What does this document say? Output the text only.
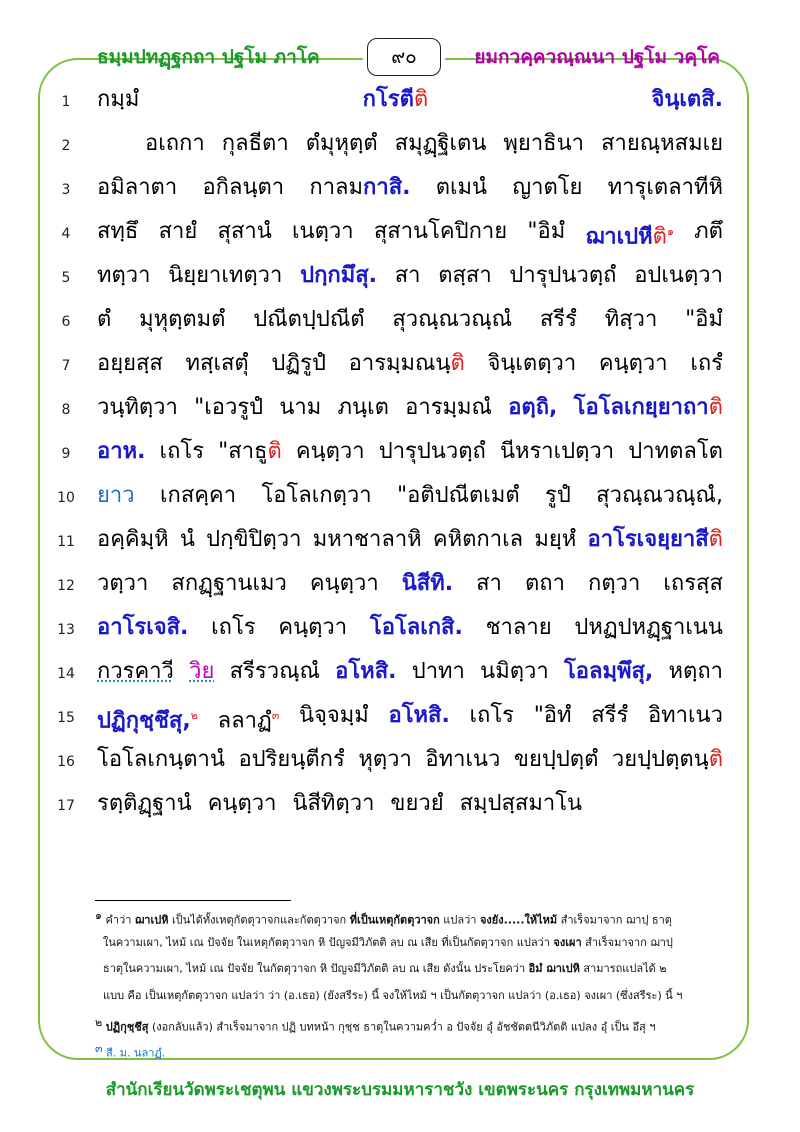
ธมฺมปทฏฺฐกถา ปฐโม ภาโค	๙๐	ยมกวคฺควณฺณนา ปฐโม วคฺโค
1	กมฺมํ	กโรตีติ	จินฺเตสิ.
2	อเถกา กุลธีตา ตํมุหุตฺตํ สมุฏฺฐิเตน พฺยาธินา สายณฺหสมเย
3	อมิลาตา อกิลนฺตา กาลมกาสิ. ตเมนํ ญาตโย ทารุเตลาทีหิ
4	สทฺธึ สายํ สุสานํ เนตฺวา สุสานโคปิกาย "อิมํ ฌาเปหีติ$^๑$ ภตึ
5	ทตฺวา นิยฺยาเทตฺวา ปกฺกมึสุ. สา ตสฺสา ปารุปนวตฺถํ อปเนตฺวา
6	ตํ มุหุตฺตมตํ ปณีตปฺปณีตํ สุวณฺณวณฺณํ สรีรํ ทิสฺวา "อิมํ
7	อยฺยสฺส ทสฺเสตุํ ปฏิรูปํ อารมฺมณนฺติ จินฺเตตฺวา คนฺตฺวา เถรํ
8	วนฺทิตฺวา "เอวรูปํ นาม ภนฺเต อารมฺมณํ อตฺถิ, โอโลเกยฺยาถาติ
9	อาห. เถโร "สาธูติ คนฺตฺวา ปารุปนวตฺถํ นีหราเปตฺวา ปาทตลโต
10	ยาว เกสคฺคา โอโลเกตฺวา "อติปณีตเมตํ รูปํ สุวณฺณวณฺณํ,
11	อคฺคิมฺหิ นํ ปกฺขิปิตฺวา มหาชาลาหิ คหิตกาเล มยฺหํ อาโรเจยฺยาสีติ
12	วตฺวา สกฏฺฐานเมว คนฺตฺวา นิสีทิ. สา ตถา กตฺวา เถรสฺส
13	อาโรเจสิ. เถโร คนฺตฺวา โอโลเกสิ. ชาลาย ปหฏปหฏฺฐาเนน
14	กวรคาวี วิย สรีรวณฺณํ อโหสิ. ปาทา นมิตฺวา โอลมฺพึสุ, หตฺถา
15	ปฏิกุชฺชึสุ,$^๒$ ลลาฏํ$^๓$ นิจฺจมฺมํ อโหสิ. เถโร "อิทํ สรีรํ อิทาเนว
16	โอโลเกนฺตานํ อปริยนฺตีกรํ หุตฺวา อิทาเนว ขยปฺปตฺตํ วยปฺปตฺตนฺติ
17	รตฺติฏฺฐานํ คนฺตฺวา นิสีทิตฺวา ขยวยํ สมฺปสฺสมาโน
$^๑$ คำว่า ฌาเปหิ เป็นได้ทั้งเหตุกัตตุวาจกและกัตตุวาจก ที่เป็นเหตุกัตตุวาจก แปลว่า จงยัง.....ให้ไหม้ สำเร็จมาจาก ฌาปฺ ธาตุ
ในความเผา, ไหม้ เณ ปัจจัย ในเหตุกัตตุวาจก หิ ปัญจมีวิภัตติ ลบ ณ เสีย ที่เป็นกัตตุวาจก แปลว่า จงเผา สำเร็จมาจาก ฌาปฺ
ธาตุในความเผา, ไหม้ เณ ปัจจัย ในกัตตุวาจก หิ ปัญจมีวิภัตติ ลบ ณ เสีย ดังนั้น ประโยคว่า อิมํ ฌาเปหิ สามารถแปลได้ ๒
แบบ คือ เป็นเหตุกัตตุวาจก แปลว่า ว่า (อ.เธอ) (ยังสรีระ) นี้ จงให้ไหม้ ฯ เป็นกัตตุวาจก แปลว่า (อ.เธอ) จงเผา (ซึ่งสรีระ) นี้ ฯ
$^๒$ ปฏิกุชฺชึสุ (งอกลับแล้ว) สำเร็จมาจาก ปฏิ บทหน้า กุชฺช ธาตุในความคว่ำ อ ปัจจัย อุํ อัชชัตตนีวิภัตติ แปลง อุํ เป็น อึสุ ฯ
$^๓$ สี. ม. นลาฏํ.
สำนักเรียนวัดพระเชตุพน แขวงพระบรมมหาราชวัง เขตพระนคร กรุงเทพมหานคร
